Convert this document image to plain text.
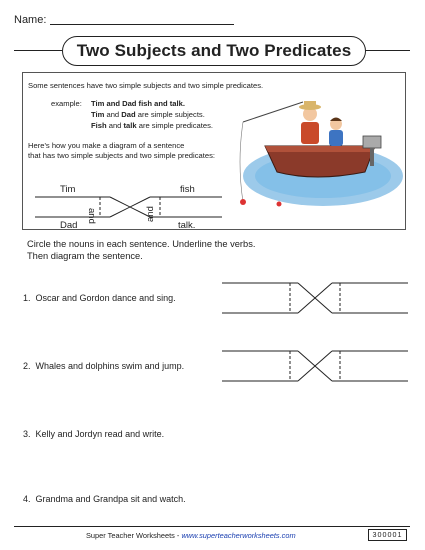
Name:
Two Subjects and Two Predicates
Some sentences have two simple subjects and two simple predicates.
example: Tim and Dad fish and talk.
Tim and Dad are simple subjects.
Fish and talk are simple predicates.
Here's how you make a diagram of a sentence
that has two simple subjects and two simple predicates:
Tim
Dad
fish
talk.
and	and
Circle the nouns in each sentence. Underline the verbs.
Then diagram the sentence.
1. Oscar and Gordon dance and sing.
2. Whales and dolphins swim and jump.
3. Kelly and Jordyn read and write.
4. Grandma and Grandpa sit and watch.
Super Teacher Worksheets - www.superteacherworksheets.com	300001
